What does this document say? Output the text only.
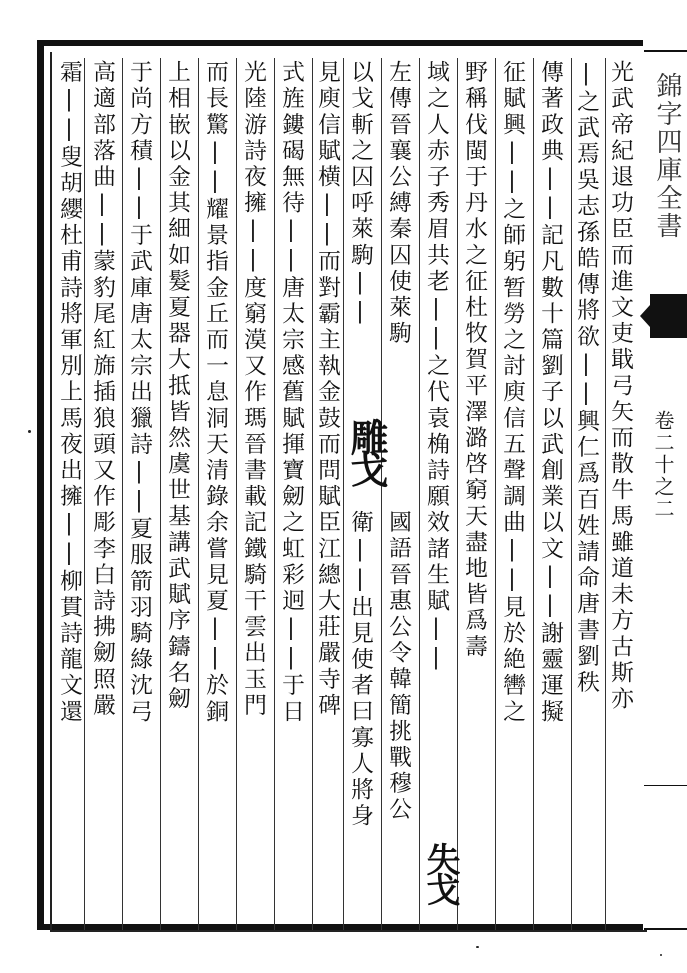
光武帝紀退功臣而進文吏戢弓矢而散牛馬雖道未方古斯亦
|之武焉吳志孫皓傳將欲||興仁爲百姓請命唐書劉秩
傳著政典||記凡數十篇劉子以武創業以文||謝靈運擬
征賦興||之師躬暂勞之討庾信五聲調曲||見於絶轡之
野稱伐閩于丹水之征杜牧賀平澤潞啓窮天盡地皆爲壽
域之人赤子秀眉共老||之代袁桷詩願效諸生賦||
失戈
左傳晉襄公縛秦囚使萊駒
國語晉惠公令韓簡挑戰穆公
以戈斬之囚呼萊駒||
雕戈
衛||出見使者曰寡人將身
見庾信賦横||而對霸主執金鼓而問賦臣江總大莊嚴寺碑
式旌鏤碣無待||唐太宗感舊賦揮寶劒之虹彩迥||于日
光陸游詩夜擁||度窮漠又作瑪晉書載記鐵騎干雲出玉門
而長驚||耀景指金丘而一息洞天清錄余嘗見夏||於銅
上相嵌以金其細如髮夏器大抵皆然虞世基講武賦序鑄名劒
于尚方積||于武庫唐太宗出獵詩||夏服箭羽騎綠沈弓
高適部落曲||蒙豹尾紅旆插狼頭又作彫李白詩拂劒照嚴
霜||叟胡纓杜甫詩將軍別上馬夜出擁||柳貫詩龍文還	錦字四庫全書
卷二十之二
